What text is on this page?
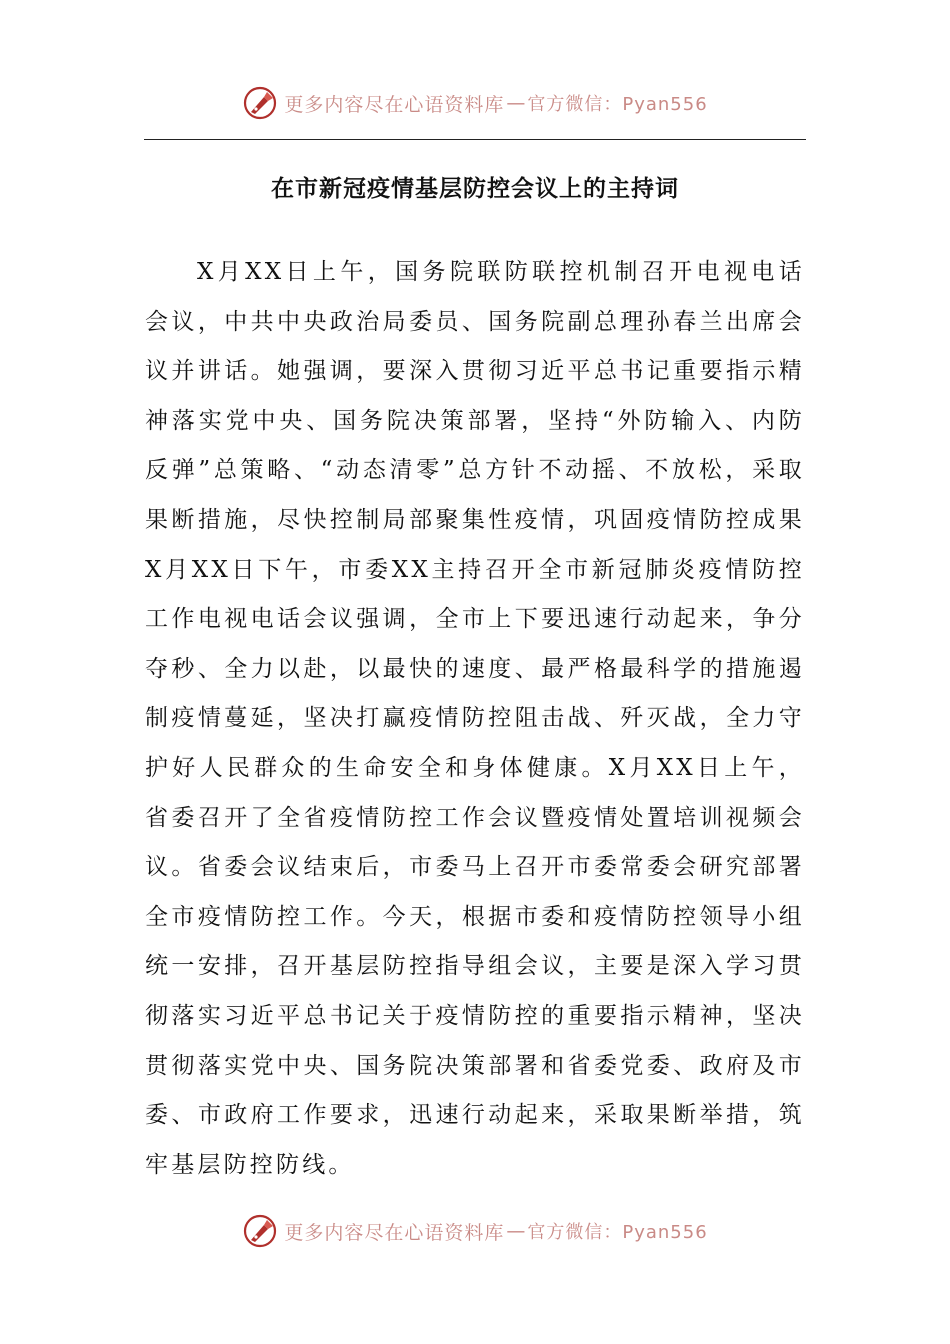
更多内容尽在心语资料库 — 官方微信：Pyan556
在市新冠疫情基层防控会议上的主持词

X月XX日上午，国务院联防联控机制召开电视电话会议，中共中央政治局委员、国务院副总理孙春兰出席会议并讲话。她强调，要深入贯彻习近平总书记重要指示精神落实党中央、国务院决策部署，坚持“外防输入、内防反弹”总策略、“动态清零”总方针不动摇、不放松，采取果断措施，尽快控制局部聚集性疫情，巩固疫情防控成果X月XX日下午，市委XX主持召开全市新冠肺炎疫情防控工作电视电话会议强调，全市上下要迅速行动起来，争分夺秒、全力以赴，以最快的速度、最严格最科学的措施遏制疫情蔓延，坚决打赢疫情防控阻击战、歼灭战，全力守护好人民群众的生命安全和身体健康。X月XX日上午，省委召开了全省疫情防控工作会议暨疫情处置培训视频会议。省委会议结束后，市委马上召开市委常委会研究部署全市疫情防控工作。今天，根据市委和疫情防控领导小组统一安排，召开基层防控指导组会议，主要是深入学习贯彻落实习近平总书记关于疫情防控的重要指示精神，坚决贯彻落实党中央、国务院决策部署和省委党委、政府及市委、市政府工作要求，迅速行动起来，采取果断举措，筑牢基层防控防线。

更多内容尽在心语资料库 — 官方微信：Pyan556
